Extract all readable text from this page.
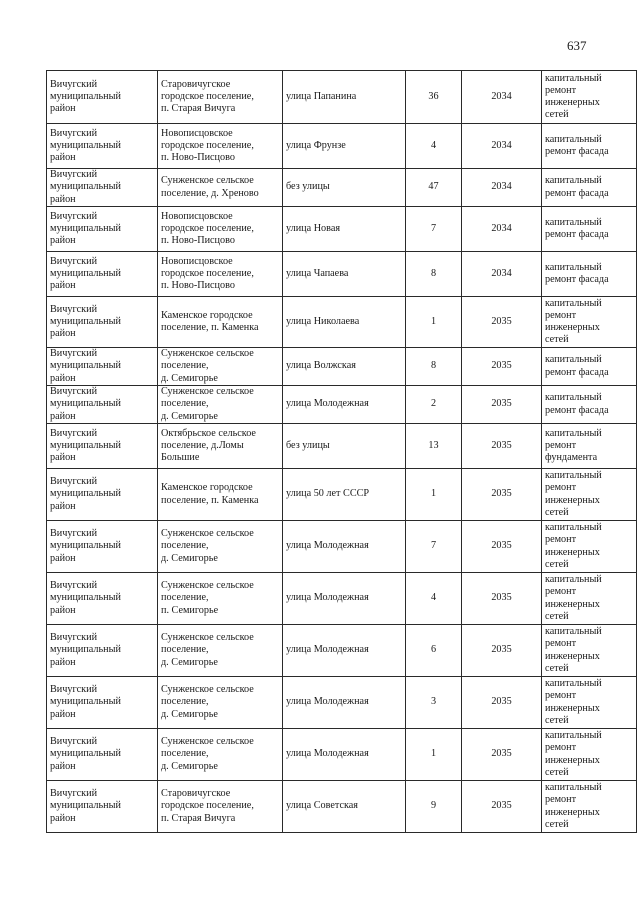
637
Вичугский
муниципальный
район	Старовичугское
городское поселение,
п. Старая Вичуга	улица Папанина	36	2034	капитальный
ремонт
инженерных
сетей
Вичугский
муниципальный
район	Новописцовское
городское поселение,
п. Ново-Писцово	улица Фрунзе	4	2034	капитальный
ремонт фасада
Вичугский
муниципальный
район	Сунженское сельское
поселение, д. Хреново	без улицы	47	2034	капитальный
ремонт фасада
Вичугский
муниципальный
район	Новописцовское
городское поселение,
п. Ново-Писцово	улица Новая	7	2034	капитальный
ремонт фасада
Вичугский
муниципальный
район	Новописцовское
городское поселение,
п. Ново-Писцово	улица Чапаева	8	2034	капитальный
ремонт фасада
Вичугский
муниципальный
район	Каменское городское
поселение, п. Каменка	улица Николаева	1	2035	капитальный
ремонт
инженерных
сетей
Вичугский
муниципальный
район	Сунженское сельское
поселение,
д. Семигорье	улица Волжская	8	2035	капитальный
ремонт фасада
Вичугский
муниципальный
район	Сунженское сельское
поселение,
д. Семигорье	улица Молодежная	2	2035	капитальный
ремонт фасада
Вичугский
муниципальный
район	Октябрьское сельское
поселение, д.Ломы
Большие	без улицы	13	2035	капитальный
ремонт
фундамента
Вичугский
муниципальный
район	Каменское городское
поселение, п. Каменка	улица 50 лет СССР	1	2035	капитальный
ремонт
инженерных
сетей
Вичугский
муниципальный
район	Сунженское сельское
поселение,
д. Семигорье	улица Молодежная	7	2035	капитальный
ремонт
инженерных
сетей
Вичугский
муниципальный
район	Сунженское сельское
поселение,
п. Семигорье	улица Молодежная	4	2035	капитальный
ремонт
инженерных
сетей
Вичугский
муниципальный
район	Сунженское сельское
поселение,
д. Семигорье	улица Молодежная	6	2035	капитальный
ремонт
инженерных
сетей
Вичугский
муниципальный
район	Сунженское сельское
поселение,
д. Семигорье	улица Молодежная	3	2035	капитальный
ремонт
инженерных
сетей
Вичугский
муниципальный
район	Сунженское сельское
поселение,
д. Семигорье	улица Молодежная	1	2035	капитальный
ремонт
инженерных
сетей
Вичугский
муниципальный
район	Старовичугское
городское поселение,
п. Старая Вичуга	улица Советская	9	2035	капитальный
ремонт
инженерных
сетей
